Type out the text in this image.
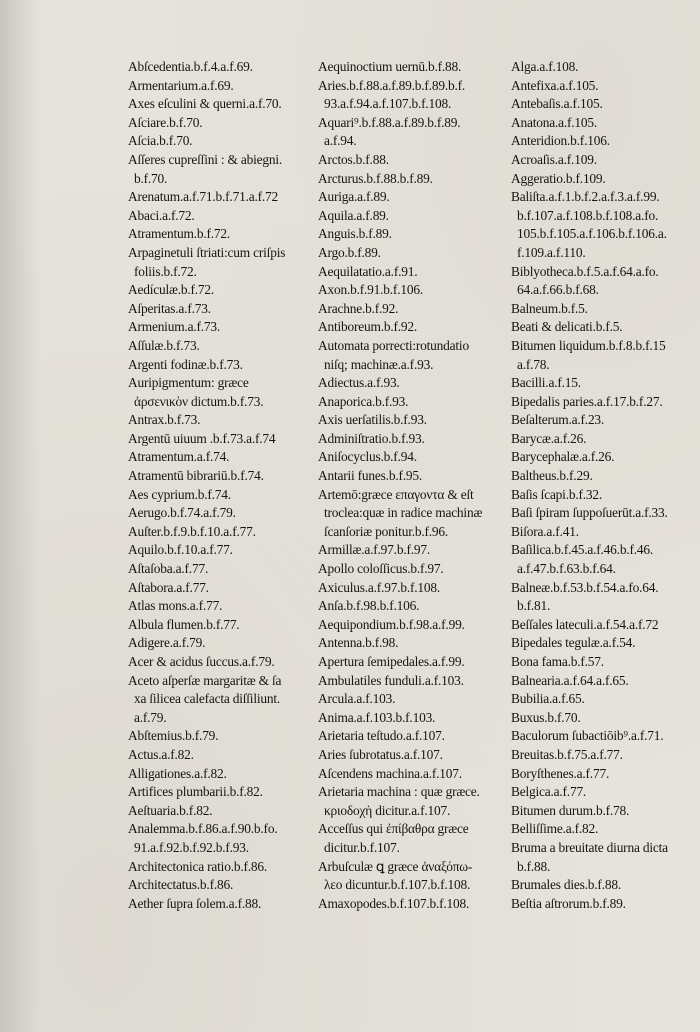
Abſcedentia.b.f.4.a.f.69.
Armentarium.a.f.69.
Axes eſculini & querni.a.f.70.
Aſciare.b.f.70.
Aſcia.b.f.70.
Aſſeres cupreſſini : & abiegni.
b.f.70.
Arenatum.a.f.71.b.f.71.a.f.72
Abaci.a.f.72.
Atramentum.b.f.72.
Arpaginetuli ſtriati:cum criſpis
foliis.b.f.72.
Aedículæ.b.f.72.
Aſperitas.a.f.73.
Armenium.a.f.73.
Aſſulæ.b.f.73.
Argenti fodinæ.b.f.73.
Auripigmentum: græce
ἀρσενικὸν dictum.b.f.73.
Antrax.b.f.73.
Argentū uiuum .b.f.73.a.f.74
Atramentum.a.f.74.
Atramentū bibrariū.b.f.74.
Aes cyprium.b.f.74.
Aerugo.b.f.74.a.f.79.
Auſter.b.f.9.b.f.10.a.f.77.
Aquilo.b.f.10.a.f.77.
Aſtaſoba.a.f.77.
Aſtabora.a.f.77.
Atlas mons.a.f.77.
Albula flumen.b.f.77.
Adigere.a.f.79.
Acer & acidus ſuccus.a.f.79.
Aceto aſperſæ margaritæ & ſa
xa ſilicea calefacta diſſiliunt.
a.f.79.
Abſtemius.b.f.79.
Actus.a.f.82.
Alligationes.a.f.82.
Artifices plumbarii.b.f.82.
Aeſtuaria.b.f.82.
Analemma.b.f.86.a.f.90.b.fo.
91.a.f.92.b.f.92.b.f.93.
Architectonica ratio.b.f.86.
Architectatus.b.f.86.
Aether ſupra ſolem.a.f.88.
Aequinoctium uernū.b.f.88.
Aries.b.f.88.a.f.89.b.f.89.b.f.
93.a.f.94.a.f.107.b.f.108.
Aquari⁹.b.f.88.a.f.89.b.f.89.
a.f.94.
Arctos.b.f.88.
Arcturus.b.f.88.b.f.89.
Auriga.a.f.89.
Aquila.a.f.89.
Anguis.b.f.89.
Argo.b.f.89.
Aequilatatio.a.f.91.
Axon.b.f.91.b.f.106.
Arachne.b.f.92.
Antiboreum.b.f.92.
Automata porrecti:rotundatio
niſq; machinæ.a.f.93.
Adiectus.a.f.93.
Anaporica.b.f.93.
Axis uerſatilis.b.f.93.
Adminiſtratio.b.f.93.
Aniſocyclus.b.f.94.
Antarii funes.b.f.95.
Artemō:græce επαγοντα & eſt
troclea:quæ in radice machinæ
ſcanſoriæ ponitur.b.f.96.
Armillæ.a.f.97.b.f.97.
Apollo coloſſicus.b.f.97.
Axiculus.a.f.97.b.f.108.
Anſa.b.f.98.b.f.106.
Aequipondium.b.f.98.a.f.99.
Antenna.b.f.98.
Apertura ſemipedales.a.f.99.
Ambulatiles funduli.a.f.103.
Arcula.a.f.103.
Anima.a.f.103.b.f.103.
Arietaria teſtudo.a.f.107.
Aries ſubrotatus.a.f.107.
Aſcendens machina.a.f.107.
Arietaria machina : quæ græce.
κριοδοχὴ dicitur.a.f.107.
Acceſſus qui ἐπίβαθρα græce
dicitur.b.f.107.
Arbuſculæ ꝗ græce ἀναξόπω-
λεο dicuntur.b.f.107.b.f.108.
Amaxopodes.b.f.107.b.f.108.
Alga.a.f.108.
Antefixa.a.f.105.
Antebaſis.a.f.105.
Anatona.a.f.105.
Anteridion.b.f.106.
Acroaſis.a.f.109.
Aggeratio.b.f.109.
Baliſta.a.f.1.b.f.2.a.f.3.a.f.99.
b.f.107.a.f.108.b.f.108.a.fo.
105.b.f.105.a.f.106.b.f.106.a.
f.109.a.f.110.
Biblyotheca.b.f.5.a.f.64.a.fo.
64.a.f.66.b.f.68.
Balneum.b.f.5.
Beati & delicati.b.f.5.
Bitumen liquidum.b.f.8.b.f.15
a.f.78.
Bacilli.a.f.15.
Bipedalis paries.a.f.17.b.f.27.
Beſalterum.a.f.23.
Barycæ.a.f.26.
Barycephalæ.a.f.26.
Baltheus.b.f.29.
Baſis ſcapi.b.f.32.
Baſi ſpiram ſuppoſuerūt.a.f.33.
Biſora.a.f.41.
Baſilica.b.f.45.a.f.46.b.f.46.
a.f.47.b.f.63.b.f.64.
Balneæ.b.f.53.b.f.54.a.fo.64.
b.f.81.
Beſſales lateculi.a.f.54.a.f.72
Bipedales tegulæ.a.f.54.
Bona fama.b.f.57.
Balnearia.a.f.64.a.f.65.
Bubilia.a.f.65.
Buxus.b.f.70.
Baculorum ſubactiōib⁹.a.f.71.
Breuitas.b.f.75.a.f.77.
Boryſthenes.a.f.77.
Belgica.a.f.77.
Bitumen durum.b.f.78.
Belliſſime.a.f.82.
Bruma a breuitate diurna dicta
b.f.88.
Brumales dies.b.f.88.
Beſtia aſtrorum.b.f.89.
